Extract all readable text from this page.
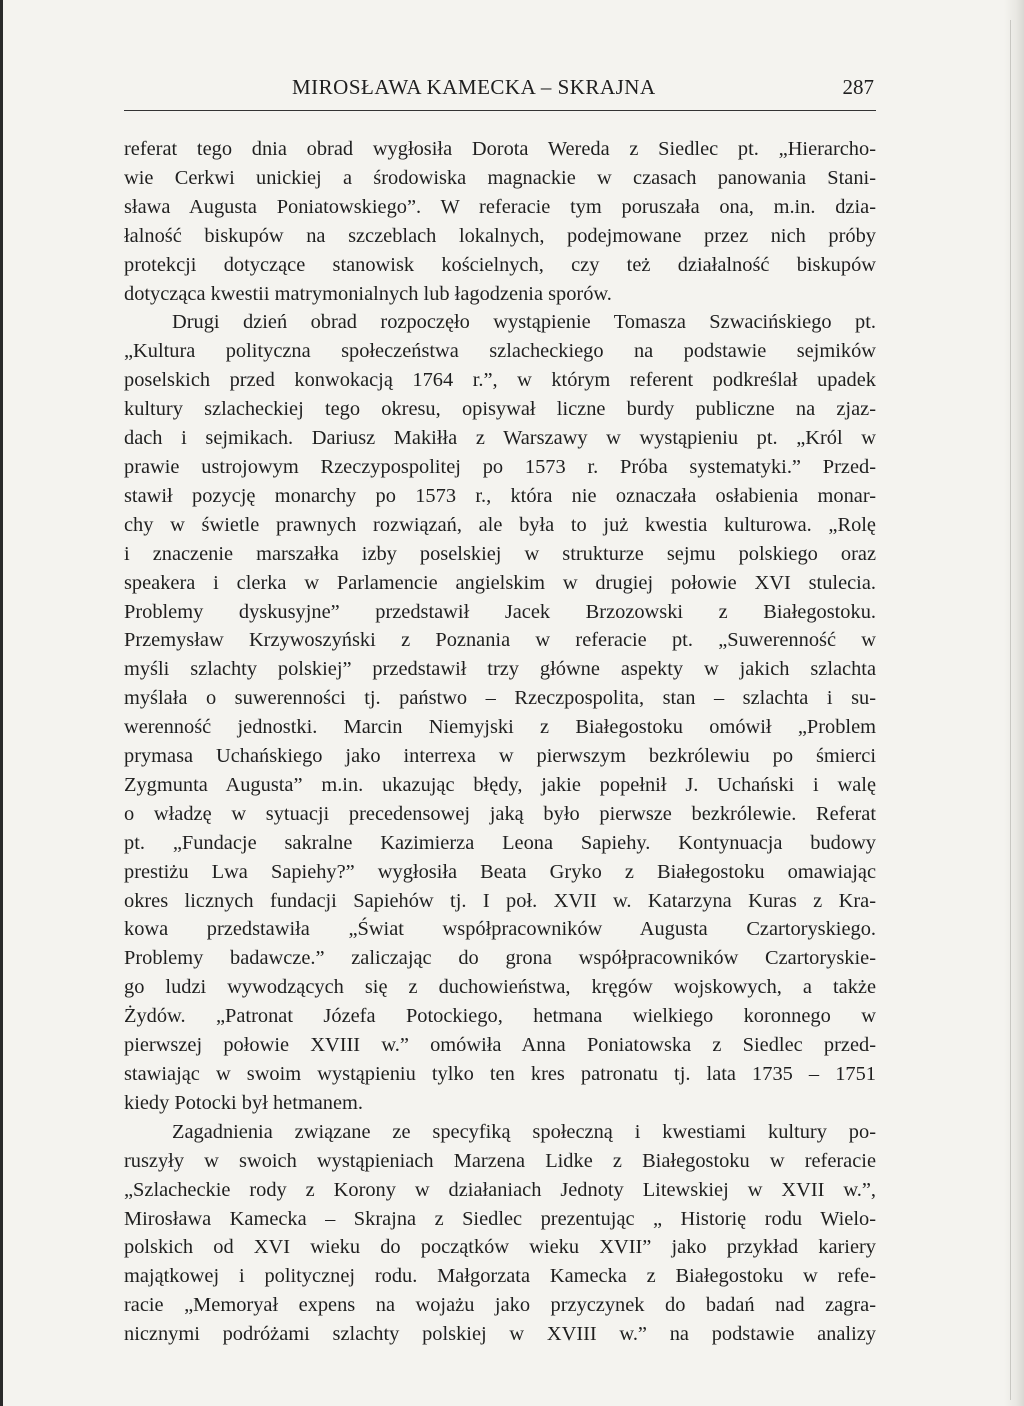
MIROSŁAWA KAMECKA – SKRAJNA	287

referat tego dnia obrad wygłosiła Dorota Wereda z Siedlec pt. „Hierarcho-

wie Cerkwi unickiej a środowiska magnackie w czasach panowania Stani-

sława Augusta Poniatowskiego”. W referacie tym poruszała ona, m.in. dzia-

łalność biskupów na szczeblach lokalnych, podejmowane przez nich próby

protekcji dotyczące stanowisk kościelnych, czy też działalność biskupów

dotycząca kwestii matrymonialnych lub łagodzenia sporów.

Drugi dzień obrad rozpoczęło wystąpienie Tomasza Szwacińskiego pt.

„Kultura polityczna społeczeństwa szlacheckiego na podstawie sejmików

poselskich przed konwokacją 1764 r.”, w którym referent podkreślał upadek

kultury szlacheckiej tego okresu, opisywał liczne burdy publiczne na zjaz-

dach i sejmikach. Dariusz Makiłła z Warszawy w wystąpieniu pt. „Król w

prawie ustrojowym Rzeczypospolitej po 1573 r. Próba systematyki.” Przed-

stawił pozycję monarchy po 1573 r., która nie oznaczała osłabienia monar-

chy w świetle prawnych rozwiązań, ale była to już kwestia kulturowa. „Rolę

i znaczenie marszałka izby poselskiej w strukturze sejmu polskiego oraz

speakera i clerka w Parlamencie angielskim w drugiej połowie XVI stulecia.

Problemy dyskusyjne” przedstawił Jacek Brzozowski z Białegostoku.

Przemysław Krzywoszyński z Poznania w referacie pt. „Suwerenność w

myśli szlachty polskiej” przedstawił trzy główne aspekty w jakich szlachta

myślała o suwerenności tj. państwo – Rzeczpospolita, stan – szlachta i su-

werenność jednostki. Marcin Niemyjski z Białegostoku omówił „Problem

prymasa Uchańskiego jako interrexa w pierwszym bezkrólewiu po śmierci

Zygmunta Augusta” m.in. ukazując błędy, jakie popełnił J. Uchański i walę

o władzę w sytuacji precedensowej jaką było pierwsze bezkrólewie. Referat

pt. „Fundacje sakralne Kazimierza Leona Sapiehy. Kontynuacja budowy

prestiżu Lwa Sapiehy?” wygłosiła Beata Gryko z Białegostoku omawiając

okres licznych fundacji Sapiehów tj. I poł. XVII w. Katarzyna Kuras z Kra-

kowa przedstawiła „Świat współpracowników Augusta Czartoryskiego.

Problemy badawcze.” zaliczając do grona współpracowników Czartoryskie-

go ludzi wywodzących się z duchowieństwa, kręgów wojskowych, a także

Żydów. „Patronat Józefa Potockiego, hetmana wielkiego koronnego w

pierwszej połowie XVIII w.” omówiła Anna Poniatowska z Siedlec przed-

stawiając w swoim wystąpieniu tylko ten kres patronatu tj. lata 1735 – 1751

kiedy Potocki był hetmanem.

Zagadnienia związane ze specyfiką społeczną i kwestiami kultury po-

ruszyły w swoich wystąpieniach Marzena Lidke z Białegostoku w referacie

„Szlacheckie rody z Korony w działaniach Jednoty Litewskiej w XVII w.”,

Mirosława Kamecka – Skrajna z Siedlec prezentując „ Historię rodu Wielo-

polskich od XVI wieku do początków wieku XVII” jako przykład kariery

majątkowej i politycznej rodu. Małgorzata Kamecka z Białegostoku w refe-

racie „Memoryał expens na wojażu jako przyczynek do badań nad zagra-

nicznymi podróżami szlachty polskiej w XVIII w.” na podstawie analizy
